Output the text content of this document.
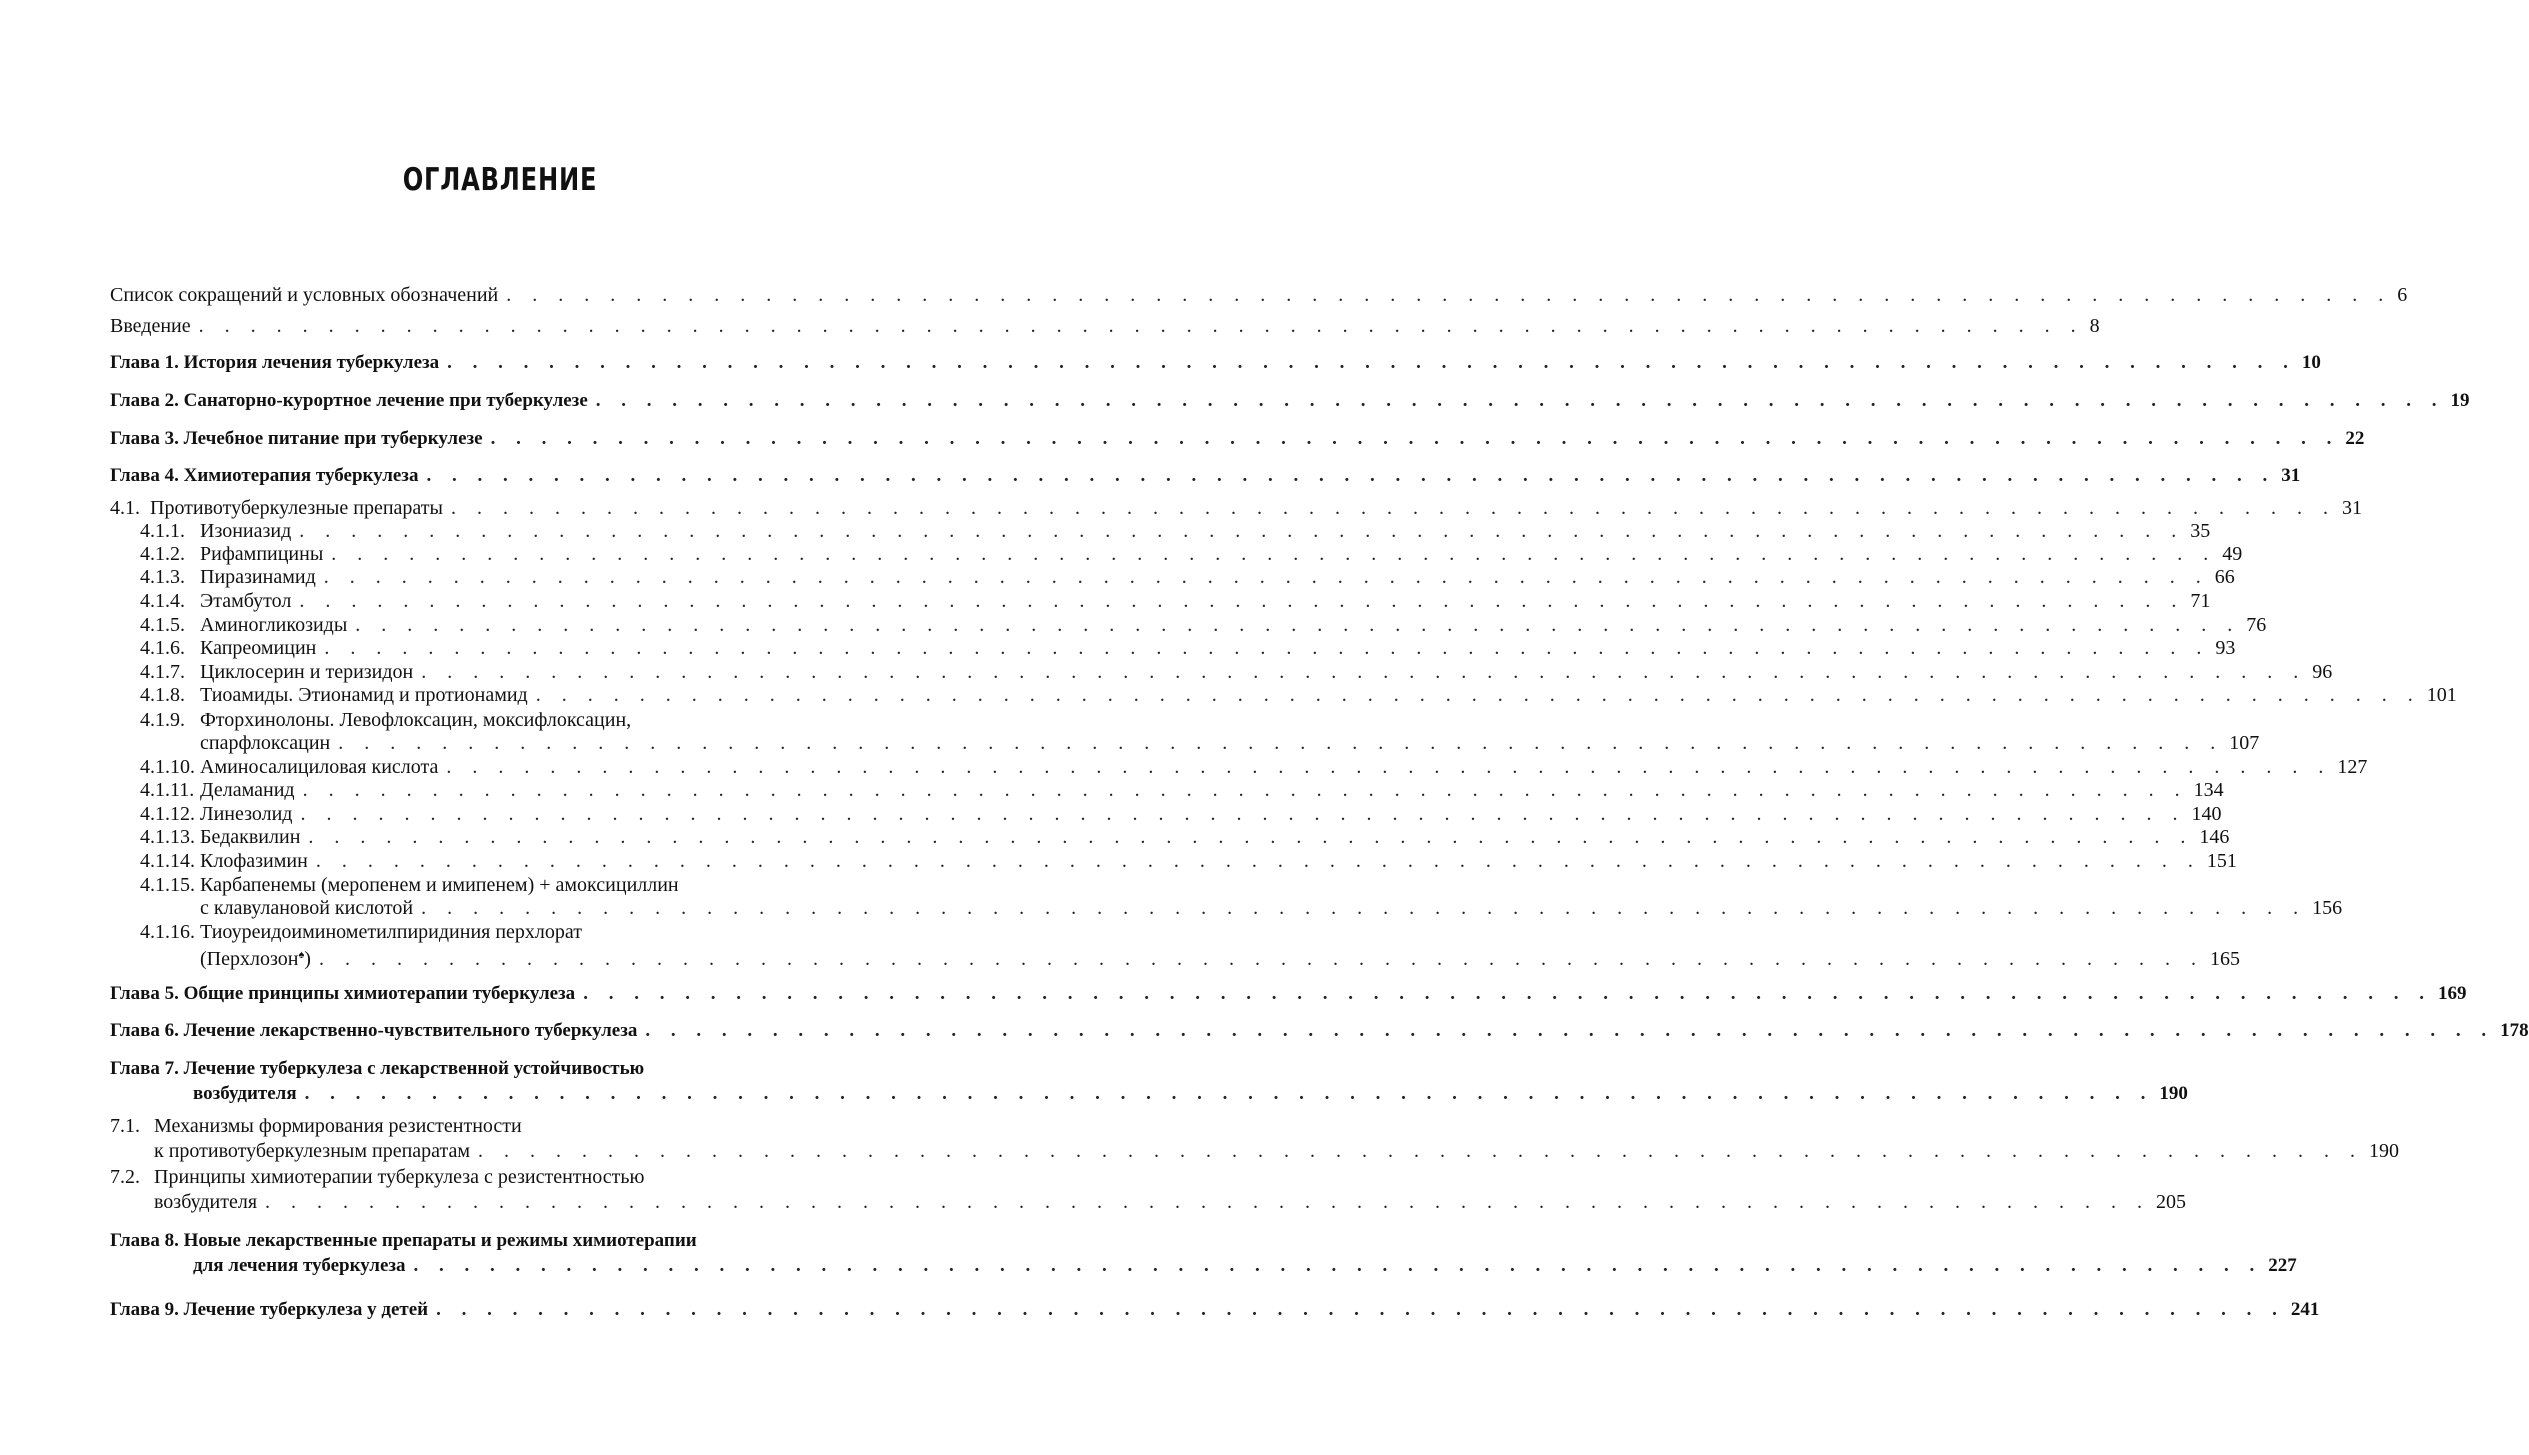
ОГЛАВЛЕНИЕ
Список сокращений и условных обозначений . . . . . . . . . . . . . . . . . . . . . . . . . . . . . . . . . . . . . . . . . . . . . . . . . . . . . . . . . . . . . . . . . . . . . . . . . 6
Введение . . . . . . . . . . . . . . . . . . . . . . . . . . . . . . . . . . . . . . . . . . . . . . . . . . . . . . . . . . . . . . . . . . . . . . . . . 8
Глава 1. История лечения туберкулеза . . . . . . . . . . . . . . . . . . . . . . . . . . . . . . . . . . . . . . . . . . . . . . . . . . . . . . . . . . . . . . . . . . . . . . . . . 10
Глава 2. Санаторно-курортное лечение при туберкулезе . . . . . . . . . . . . . . . . . . . . . . . . . . . . . . . . . . . . . . . . . . . . . . . . . . . . . . . . . . . . . . . . . . . . . . . . . 19
Глава 3. Лечебное питание при туберкулезе . . . . . . . . . . . . . . . . . . . . . . . . . . . . . . . . . . . . . . . . . . . . . . . . . . . . . . . . . . . . . . . . . . . . . . . . . 22
Глава 4. Химиотерапия туберкулеза . . . . . . . . . . . . . . . . . . . . . . . . . . . . . . . . . . . . . . . . . . . . . . . . . . . . . . . . . . . . . . . . . . . . . . . . . 31
4.1. Противотуберкулезные препараты . . . . . . . . . . . . . . . . . . . . . . . . . . . . . . . . . . . . . . . . . . . . . . . . . . . . . . . . . . . . . . . . . . . . . . . . . 31
4.1.1. Изониазид . . . . . . . . . . . . . . . . . . . . . . . . . . . . . . . . . . . . . . . . . . . . . . . . . . . . . . . . . . . . . . . . . . . . . . . . . 35
4.1.2. Рифампицины . . . . . . . . . . . . . . . . . . . . . . . . . . . . . . . . . . . . . . . . . . . . . . . . . . . . . . . . . . . . . . . . . . . . . . . . . 49
4.1.3. Пиразинамид . . . . . . . . . . . . . . . . . . . . . . . . . . . . . . . . . . . . . . . . . . . . . . . . . . . . . . . . . . . . . . . . . . . . . . . . . 66
4.1.4. Этамбутол . . . . . . . . . . . . . . . . . . . . . . . . . . . . . . . . . . . . . . . . . . . . . . . . . . . . . . . . . . . . . . . . . . . . . . . . . 71
4.1.5. Аминогликозиды . . . . . . . . . . . . . . . . . . . . . . . . . . . . . . . . . . . . . . . . . . . . . . . . . . . . . . . . . . . . . . . . . . . . . . . . . 76
4.1.6. Капреомицин . . . . . . . . . . . . . . . . . . . . . . . . . . . . . . . . . . . . . . . . . . . . . . . . . . . . . . . . . . . . . . . . . . . . . . . . . 93
4.1.7. Циклосерин и теризидон . . . . . . . . . . . . . . . . . . . . . . . . . . . . . . . . . . . . . . . . . . . . . . . . . . . . . . . . . . . . . . . . . . . . . . . . . 96
4.1.8. Тиоамиды. Этионамид и протионамид . . . . . . . . . . . . . . . . . . . . . . . . . . . . . . . . . . . . . . . . . . . . . . . . . . . . . . . . . . . . . . . . . . . . . . . . . 101
4.1.9. Фторхинолоны. Левофлоксацин, моксифлоксацин,
спарфлоксацин . . . . . . . . . . . . . . . . . . . . . . . . . . . . . . . . . . . . . . . . . . . . . . . . . . . . . . . . . . . . . . . . . . . . . . . . . 107
4.1.10. Аминосалициловая кислота . . . . . . . . . . . . . . . . . . . . . . . . . . . . . . . . . . . . . . . . . . . . . . . . . . . . . . . . . . . . . . . . . . . . . . . . . 127
4.1.11. Деламанид . . . . . . . . . . . . . . . . . . . . . . . . . . . . . . . . . . . . . . . . . . . . . . . . . . . . . . . . . . . . . . . . . . . . . . . . . 134
4.1.12. Линезолид . . . . . . . . . . . . . . . . . . . . . . . . . . . . . . . . . . . . . . . . . . . . . . . . . . . . . . . . . . . . . . . . . . . . . . . . . 140
4.1.13. Бедаквилин . . . . . . . . . . . . . . . . . . . . . . . . . . . . . . . . . . . . . . . . . . . . . . . . . . . . . . . . . . . . . . . . . . . . . . . . . 146
4.1.14. Клофазимин . . . . . . . . . . . . . . . . . . . . . . . . . . . . . . . . . . . . . . . . . . . . . . . . . . . . . . . . . . . . . . . . . . . . . . . . . 151
4.1.15. Карбапенемы (меропенем и имипенем) + амоксициллин
с клавулановой кислотой . . . . . . . . . . . . . . . . . . . . . . . . . . . . . . . . . . . . . . . . . . . . . . . . . . . . . . . . . . . . . . . . . . . . . . . . . 156
4.1.16. Тиоуреидоиминометилпиридиния перхлорат
(Перхлозон♠) . . . . . . . . . . . . . . . . . . . . . . . . . . . . . . . . . . . . . . . . . . . . . . . . . . . . . . . . . . . . . . . . . . . . . . . . . 165
Глава 5. Общие принципы химиотерапии туберкулеза . . . . . . . . . . . . . . . . . . . . . . . . . . . . . . . . . . . . . . . . . . . . . . . . . . . . . . . . . . . . . . . . . . . . . . . . . 169
Глава 6. Лечение лекарственно-чувствительного туберкулеза . . . . . . . . . . . . . . . . . . . . . . . . . . . . . . . . . . . . . . . . . . . . . . . . . . . . . . . . . . . . . . . . . . . . . . . . . 178
Глава 7. Лечение туберкулеза с лекарственной устойчивостью
возбудителя . . . . . . . . . . . . . . . . . . . . . . . . . . . . . . . . . . . . . . . . . . . . . . . . . . . . . . . . . . . . . . . . . . . . . . . . . 190
7.1. Механизмы формирования резистентности
к противотуберкулезным препаратам . . . . . . . . . . . . . . . . . . . . . . . . . . . . . . . . . . . . . . . . . . . . . . . . . . . . . . . . . . . . . . . . . . . . . . . . . 190
7.2. Принципы химиотерапии туберкулеза с резистентностью
возбудителя . . . . . . . . . . . . . . . . . . . . . . . . . . . . . . . . . . . . . . . . . . . . . . . . . . . . . . . . . . . . . . . . . . . . . . . . . 205
Глава 8. Новые лекарственные препараты и режимы химиотерапии
для лечения туберкулеза . . . . . . . . . . . . . . . . . . . . . . . . . . . . . . . . . . . . . . . . . . . . . . . . . . . . . . . . . . . . . . . . . . . . . . . . . 227
Глава 9. Лечение туберкулеза у детей . . . . . . . . . . . . . . . . . . . . . . . . . . . . . . . . . . . . . . . . . . . . . . . . . . . . . . . . . . . . . . . . . . . . . . . . . 241
